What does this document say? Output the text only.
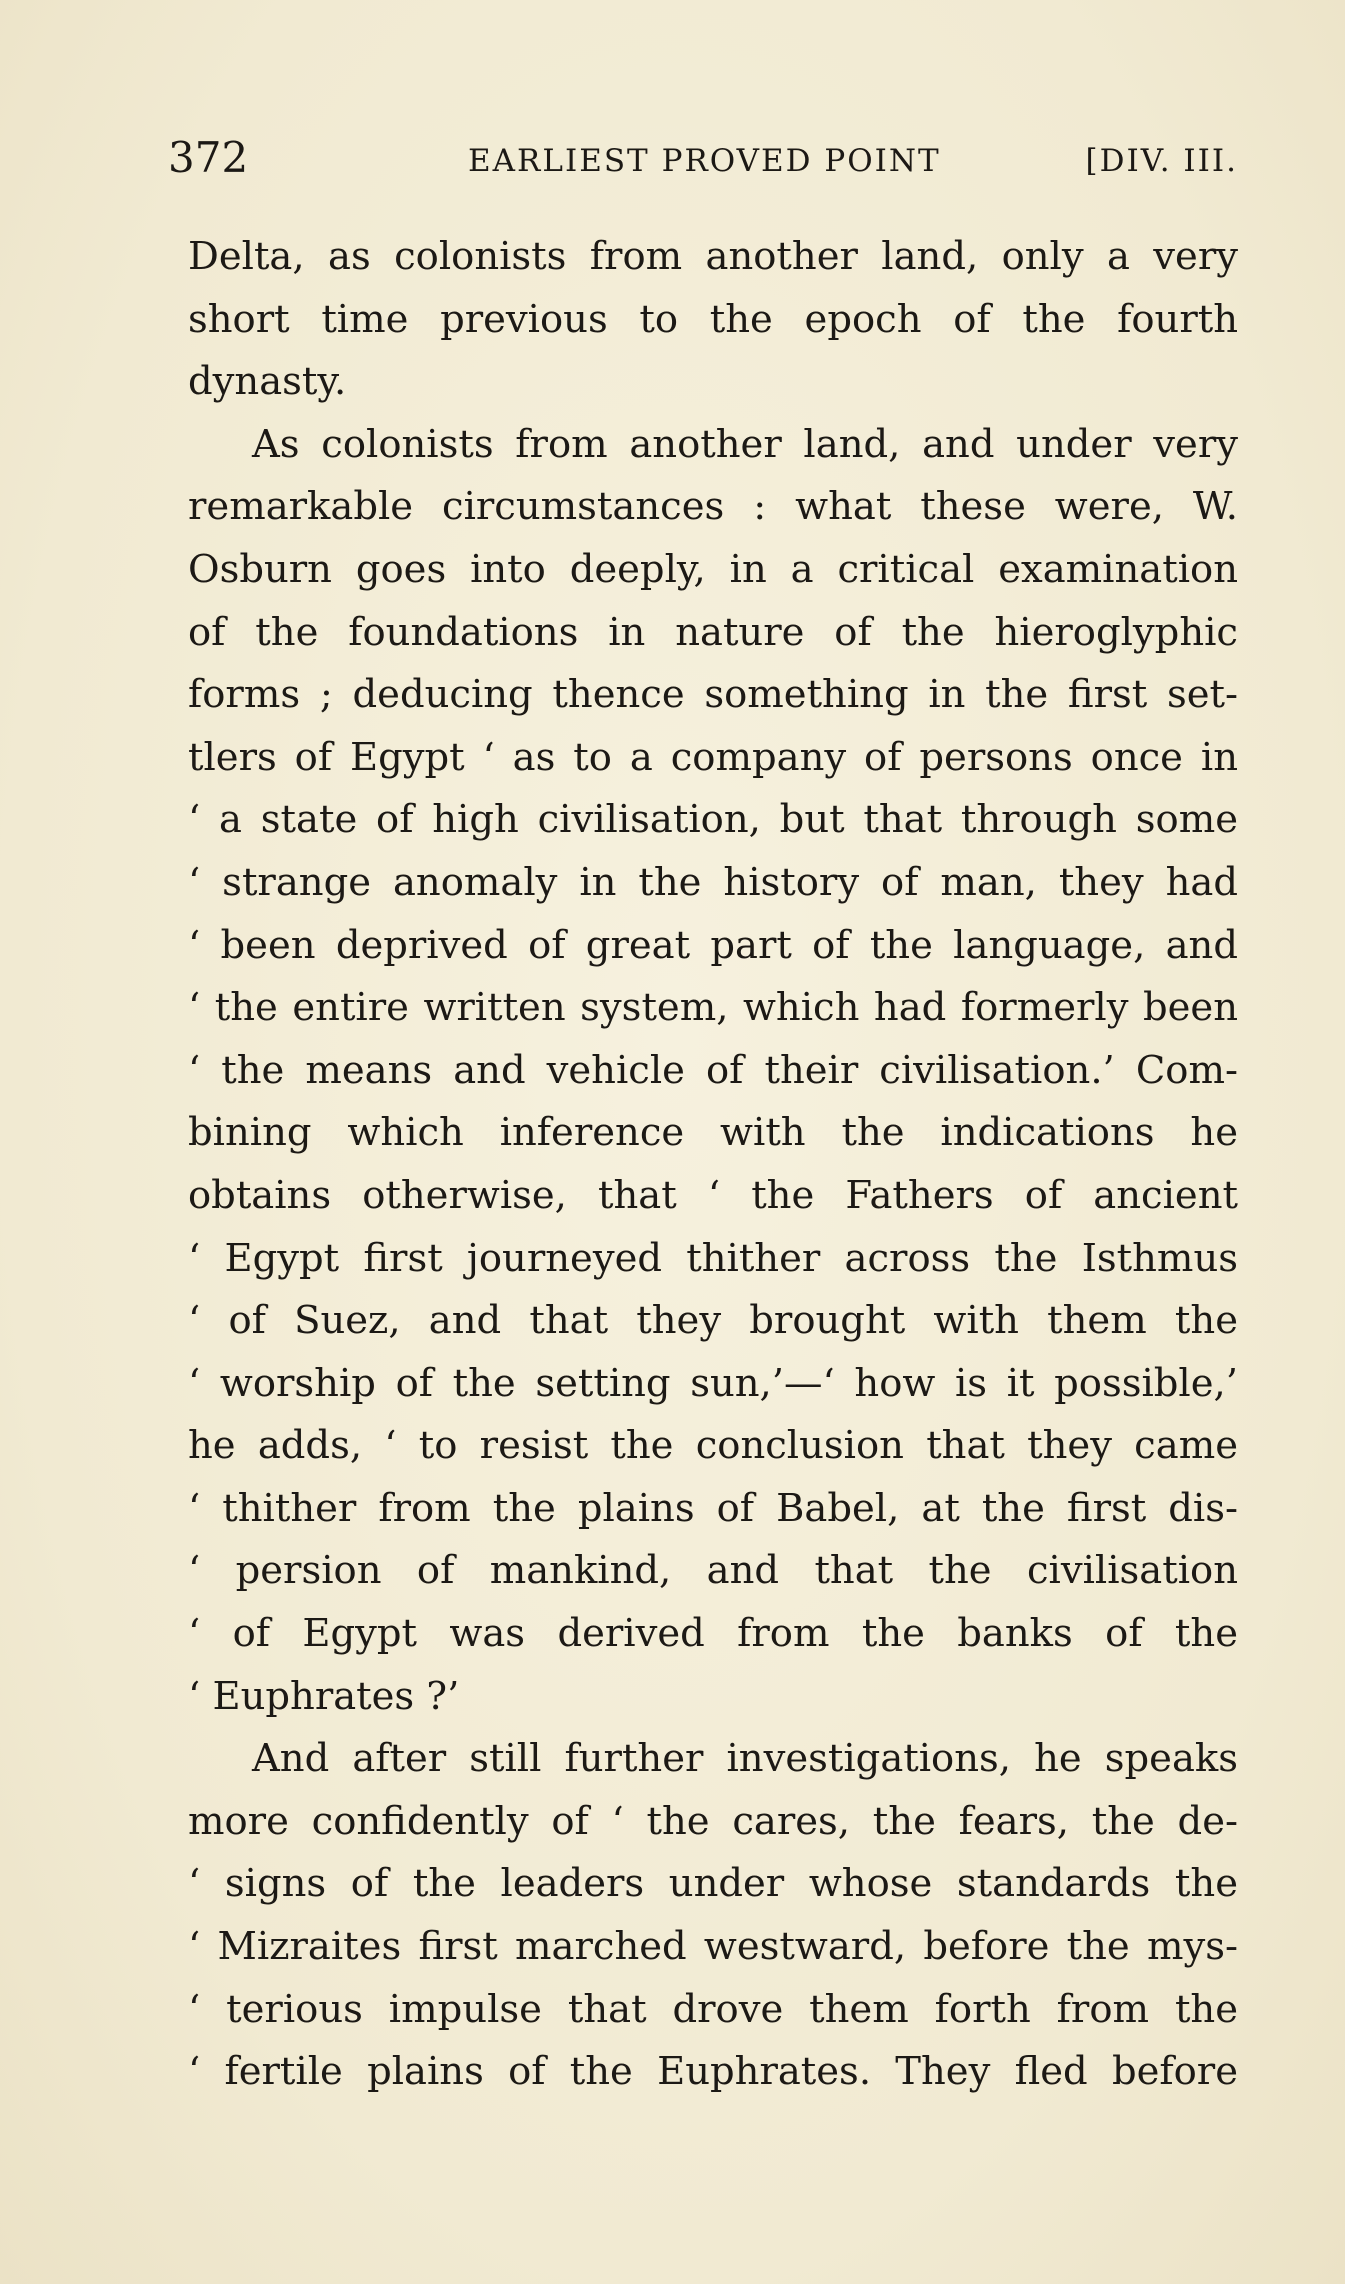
372	EARLIEST PROVED POINT	[DIV. III.
Delta, as colonists from another land, only a very
short time previous to the epoch of the fourth
dynasty.
As colonists from another land, and under very
remarkable circumstances : what these were, W.
Osburn goes into deeply, in a critical examination
of the foundations in nature of the hieroglyphic
forms ; deducing thence something in the first set-
tlers of Egypt ‘ as to a company of persons once in
‘ a state of high civilisation, but that through some
‘ strange anomaly in the history of man, they had
‘ been deprived of great part of the language, and
‘ the entire written system, which had formerly been
‘ the means and vehicle of their civilisation.’ Com-
bining which inference with the indications he
obtains otherwise, that ‘ the Fathers of ancient
‘ Egypt first journeyed thither across the Isthmus
‘ of Suez, and that they brought with them the
‘ worship of the setting sun,’—‘ how is it possible,’
he adds, ‘ to resist the conclusion that they came
‘ thither from the plains of Babel, at the first dis-
‘ persion of mankind, and that the civilisation
‘ of Egypt was derived from the banks of the
‘ Euphrates ?’
And after still further investigations, he speaks
more confidently of ‘ the cares, the fears, the de-
‘ signs of the leaders under whose standards the
‘ Mizraites first marched westward, before the mys-
‘ terious impulse that drove them forth from the
‘ fertile plains of the Euphrates. They fled before
